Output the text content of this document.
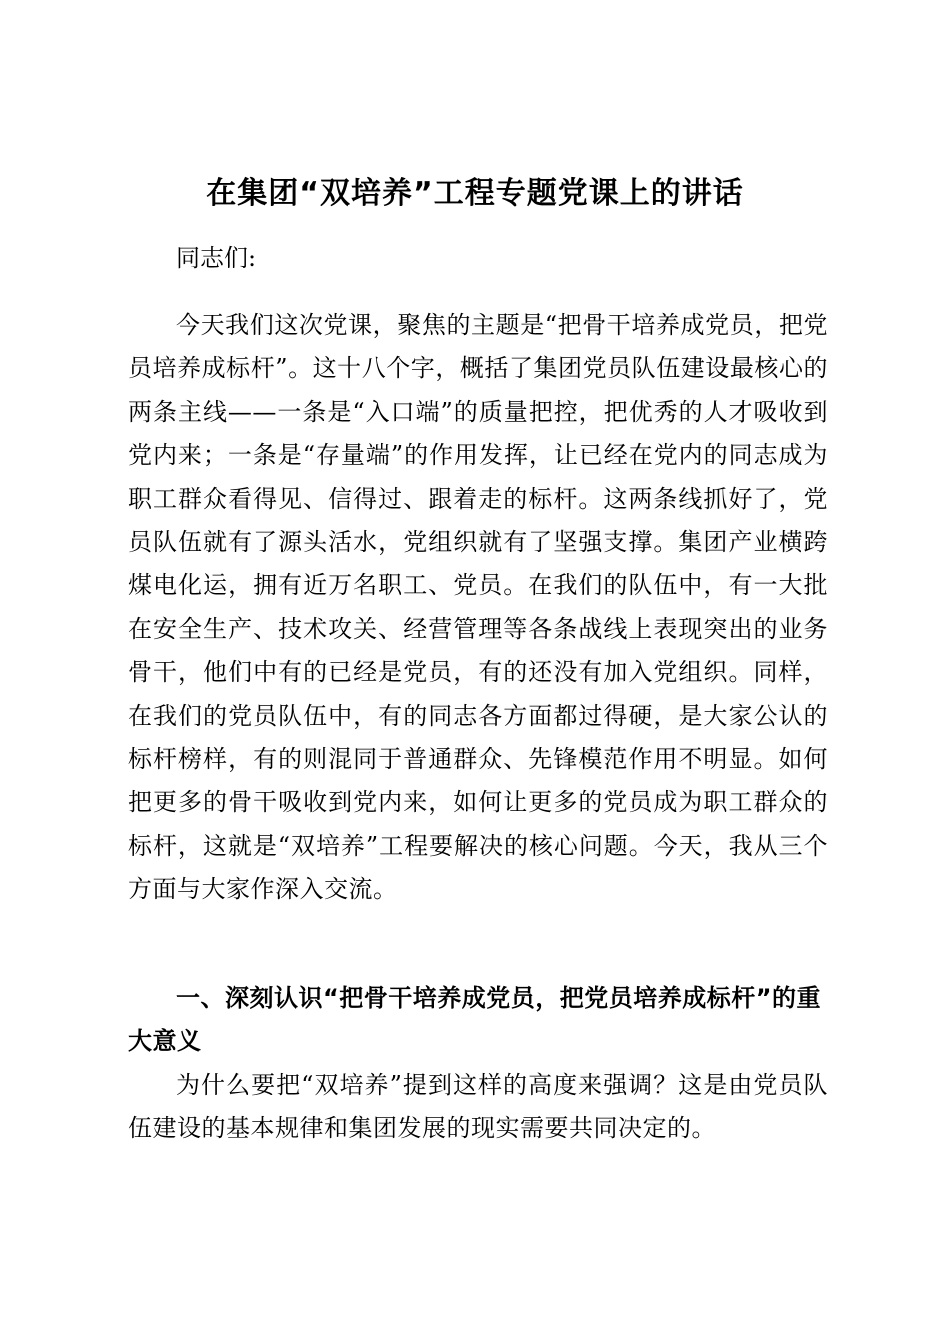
在集团“双培养”工程专题党课上的讲话

同志们:

今天我们这次党课，聚焦的主题是“把骨干培养成党员，把党员培养成标杆”。这十八个字，概括了集团党员队伍建设最核心的两条主线——一条是“入口端”的质量把控，把优秀的人才吸收到党内来；一条是“存量端”的作用发挥，让已经在党内的同志成为职工群众看得见、信得过、跟着走的标杆。这两条线抓好了，党员队伍就有了源头活水，党组织就有了坚强支撑。集团产业横跨煤电化运，拥有近万名职工、党员。在我们的队伍中，有一大批在安全生产、技术攻关、经营管理等各条战线上表现突出的业务骨干，他们中有的已经是党员，有的还没有加入党组织。同样，在我们的党员队伍中，有的同志各方面都过得硬，是大家公认的标杆榜样，有的则混同于普通群众、先锋模范作用不明显。如何把更多的骨干吸收到党内来，如何让更多的党员成为职工群众的标杆，这就是“双培养”工程要解决的核心问题。今天，我从三个方面与大家作深入交流。

一、深刻认识“把骨干培养成党员，把党员培养成标杆”的重大意义

为什么要把“双培养”提到这样的高度来强调？这是由党员队伍建设的基本规律和集团发展的现实需要共同决定的。
